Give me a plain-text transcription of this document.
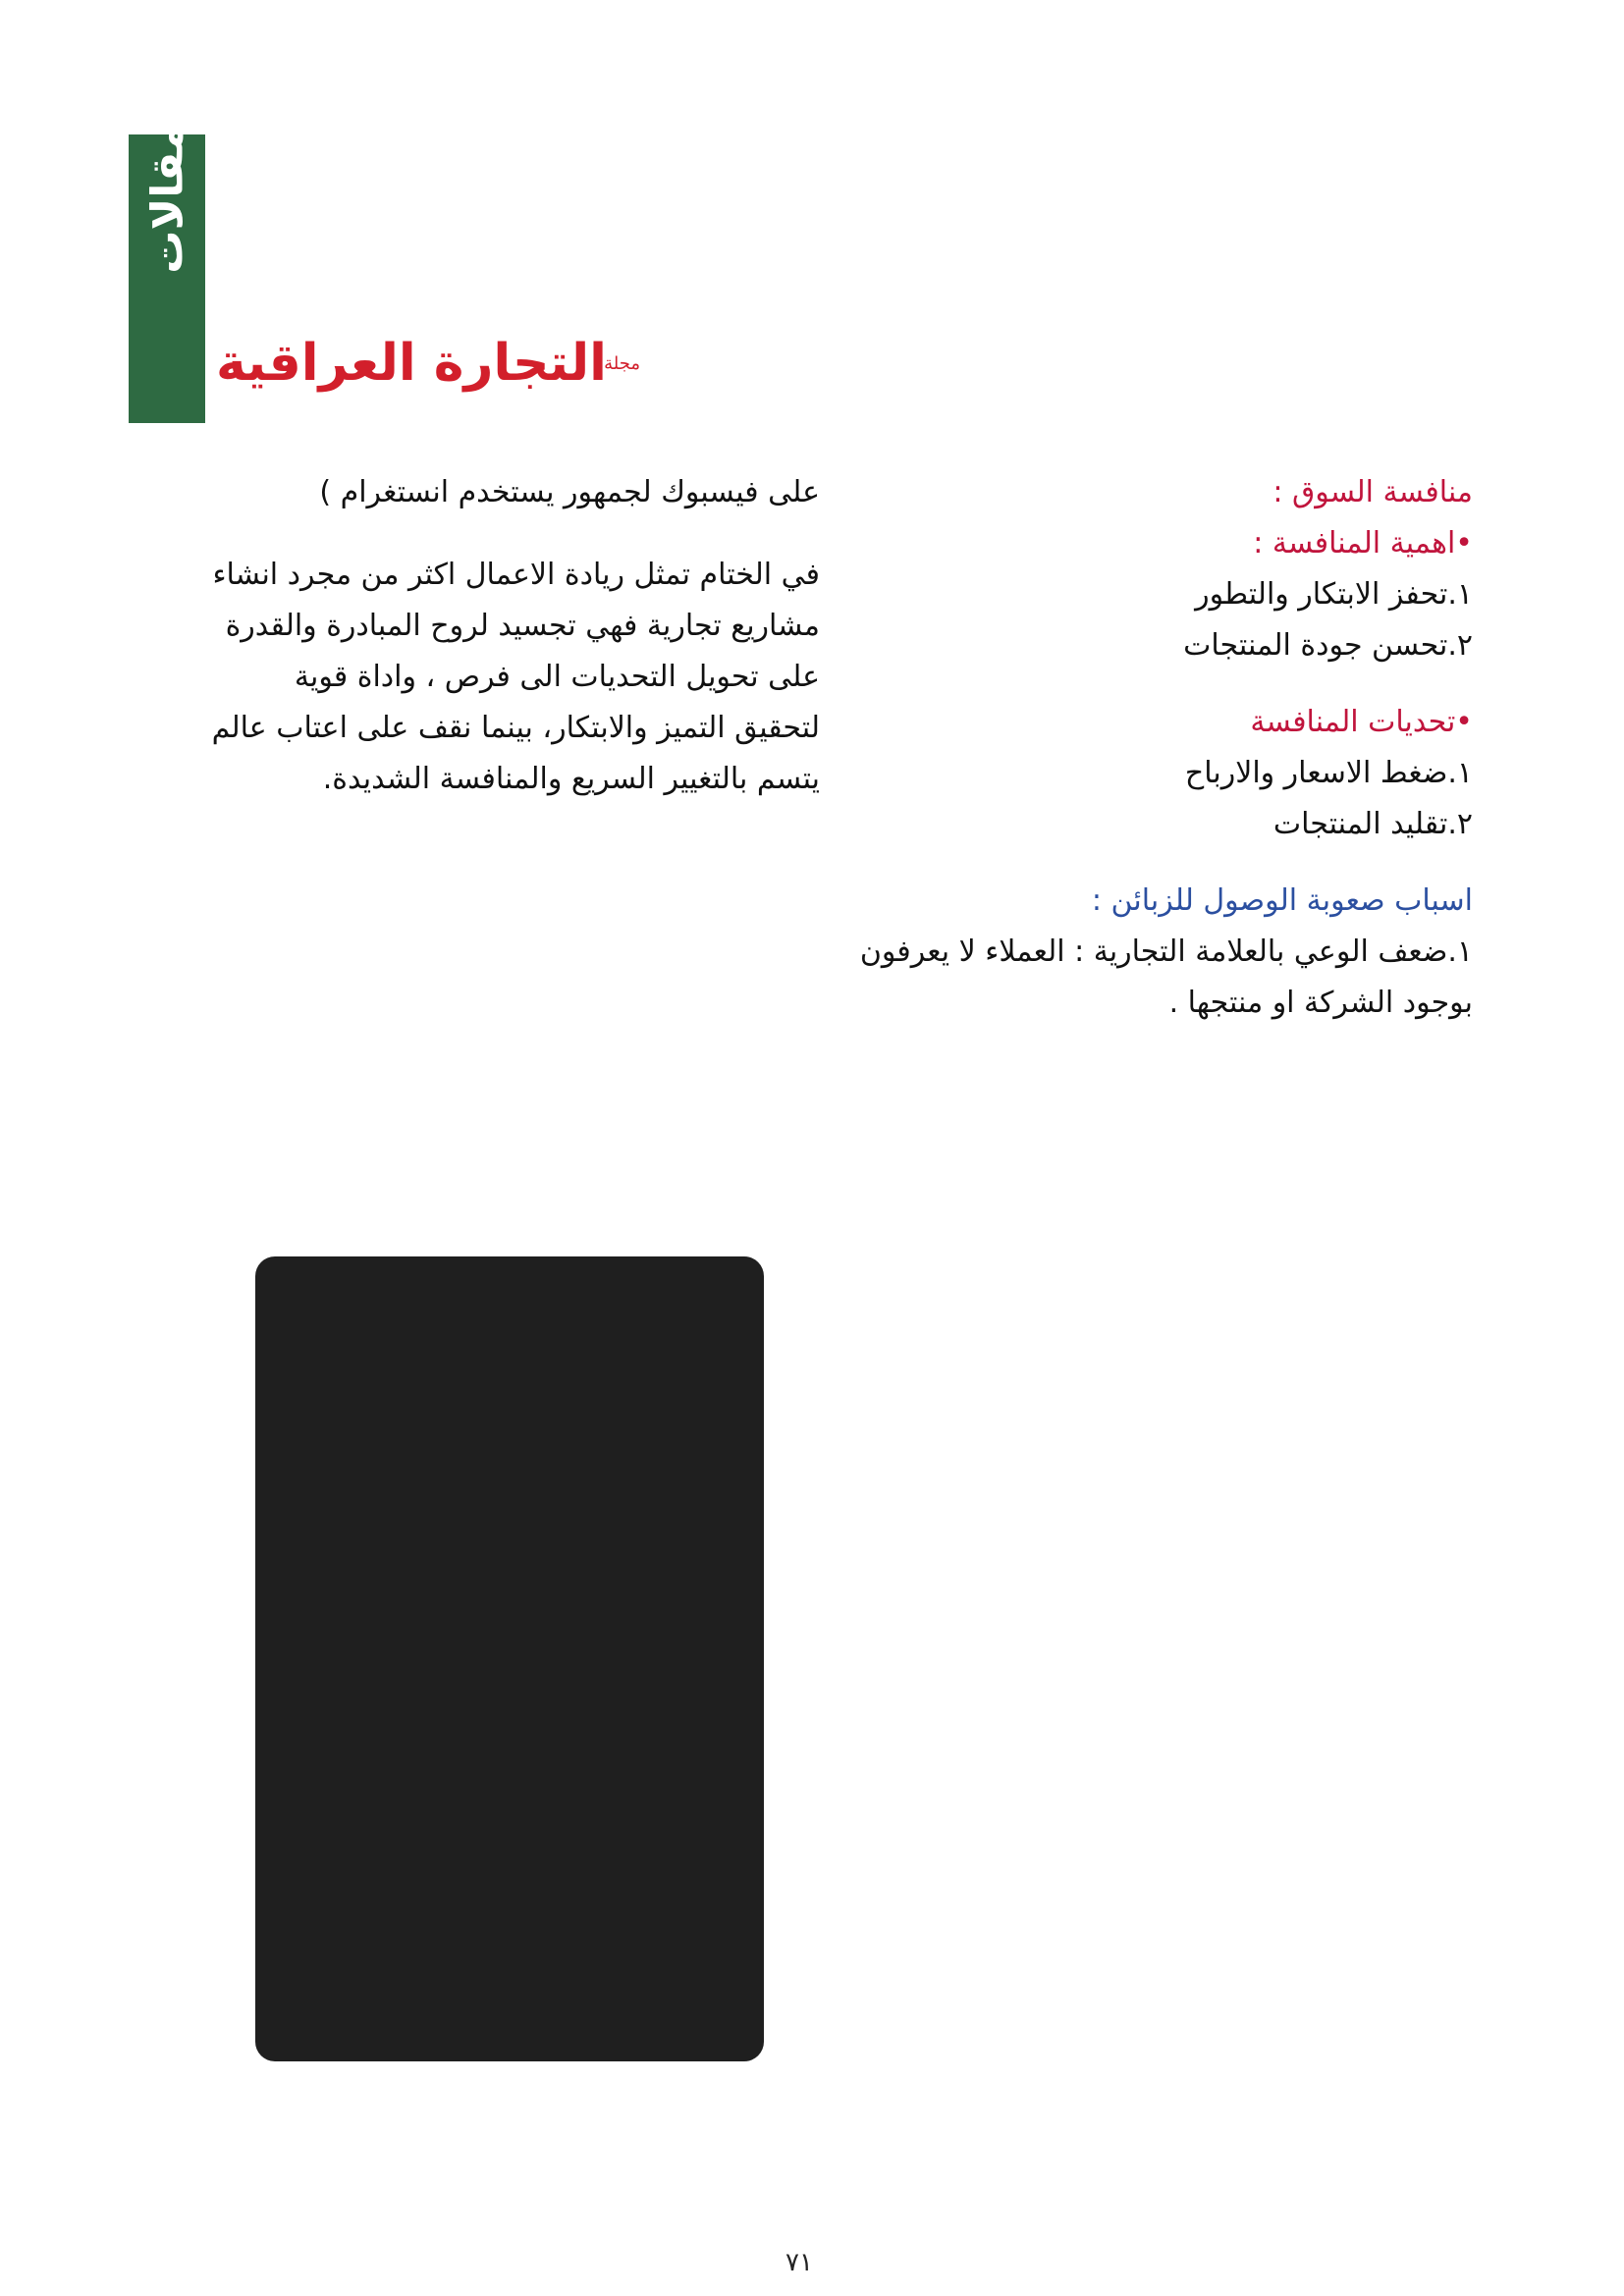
مقالات
التجارة العراقية
مجلة
منافسة السوق :
•اهمية المنافسة :
١.تحفز الابتكار والتطور
٢.تحسن جودة المنتجات
•تحديات المنافسة
١.ضغط الاسعار والارباح
٢.تقليد المنتجات
اسباب صعوبة الوصول للزبائن :
١.ضعف الوعي بالعلامة التجارية : العملاء لا يعرفون بوجود الشركة او منتجها .
على فيسبوك لجمهور يستخدم انستغرام )
في الختام تمثل ريادة الاعمال اكثر من مجرد انشاء مشاريع تجارية فهي تجسيد لروح المبادرة والقدرة على تحويل التحديات الى فرص ، واداة قوية لتحقيق التميز والابتكار، بينما نقف على اعتاب عالم يتسم بالتغيير السريع والمنافسة الشديدة.
٧١
